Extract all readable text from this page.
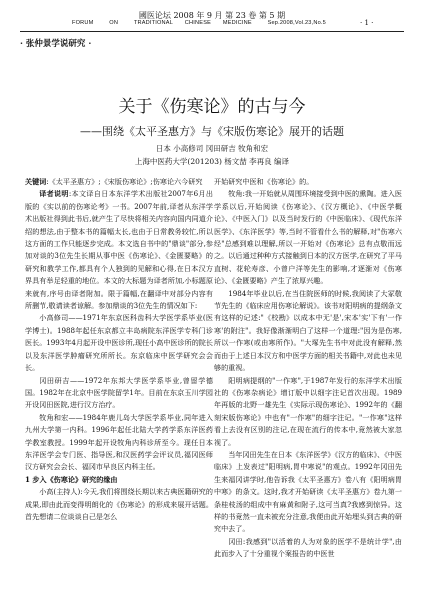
國医论坛 2008 年 9 月 第 23 卷 第 5 期
FORUM	ON	TRADITIONAL CHINESE MEDICINE	Sep.2008,Vol.23,No.5	· 1 ·
· 张仲景学说研究 ·
关于《伤寒论》的古与今
——围绕《太平圣惠方》与《宋版伤寒论》展开的话题
日本 小高修司 冈田研吉 牧角和宏
上海中医药大学(201203) 杨文喆 李再良 编译

关键词:《太平圣惠方》;《宋版伤寒论》;伤寒论六今研究

译者说明:本文译自日本东洋学术出版社2007年6月出版的《实以前的伤寒论考》一书。2007年前,译者从东洋学术出版社得到此书后,就产生了尽快将相关内容向国内同道介绍的想法,由于整本书的篇幅太长,也由于日常教务较忙,所以这方面的工作只能逐步完成。本文选自书中的"鼎谈"部分,参加对谈的3位先生长期从事中医《伤寒论》、《金匮要略》的研究和教学工作,都具有个人独到的见解和心得,在日本汉方界具有举足轻重的地位。本文的大标题为译者所加,小标题原来就有,序号由译者附加。限于篇幅,在翻译中对部分内容有所删节,敬请读者谅解。参加鼎谈的3位先生的情况如下:

小高修司——1971年东京医科齿科大学医学系毕业(医学博士)。1988年起任东京都立丰岛病院东洋医学专科门诊医长。1993年4月起开设中医诊所,现任小高中医诊所的院长以及东洋医学肿瘤研究所所长。东京临床中医学研究会会长。

冈田研吉——1972年东邦大学医学系毕业,曾留学德国。1982年在北京中医学院留学1年。目前在东京玉川学园开设冈田医院,进行汉方治疗。

牧角和宏——1984年鹿儿岛大学医学系毕业,同年进入九州大学第一内科。1996年起任北陆大学药学系东洋医药学教室教授。1999年起开设牧角内科诊所至今。现任日本东洋医学会专门医、指导医,和汉医药学会评议员,福冈医师汉方研究会会长、福冈市早良区内科主任。

1 步入《伤寒论》研究的缘由

小高(主持人):今天,我们将围绕长期以来古典医籍研究的成果,即由此而变得明朗化的《伤寒论》的形成来展开话题。首先想请二位谈谈自己是怎么

开始研究中医和《伤寒论》的。

牧角:我一开始就从周围环境接受到中医的熏陶。进入医学系以后,开始阅读《伤寒论》、《汉方概论》、《中医学概论》、《中医入门》以及当时发行的《中医临床》、《现代东洋医学》、《东洋医学》等,当时不管看什么书的解释,对"伤寒六经"总感到难以理解,所以一开始对《伤寒论》总有点敬而远之。以后通过种种方式接触到日本的汉方医学,在研究了平马直树、花轮寿彦、小曾户洋等先生的影响,才逐渐对《伤寒论》、《金匮要略》产生了浓厚兴趣。

1984年毕业以后,在当住院医师的时候,我阅读了大冢敬节先生的《临床应用伤寒论解说》。该书对阳明病的提纲条文有这样的记述:"《校勘》以成本中无'是',宋本'实'下有'一作寒'的附注"。我好像渐渐明白了这样一个道理:"因为是伤寒,所以一作寒(或由寒所作)。"大塚先生书中对此没有解释,然而由于上述日本汉方和中医学方面的相关书籍中,对此也未见够的重视。

阳明病提纲的"一作寒",于1987年发行的东洋学术出版社的《伤寒杂病论》增订版中以细字注记首次出现。1989年再版的北野一雄先生《实际示现伤寒论》、1992年的《翻刻宋版伤寒论》中也有"一作寒"的细字注记。"一作寒"这样看上去没有区别的注记,在现在流行的传本中,竟然被大家忽视了。

当年冈田先生在日本《东洋医学》《汉方的临床》、《中医临床》上发表过"阳明病,胃中寒说"的观点。1992年冈田先生来福冈讲学时,他告诉我《太平圣惠方》卷八有《阳明病胃中寒》的条文。这时,我才开始研读《太平圣惠方》卷九第一条桂枝汤的组成中有麻黄和附子,这可当真?我感到惊异。这样的书竟然一直未被充分注意,我便由此开始埋头到古典的研究中去了。

冈田:我感到"以活着的人为对象的医学不是统计学",由此而步入了十分重视个案报告的中医世
